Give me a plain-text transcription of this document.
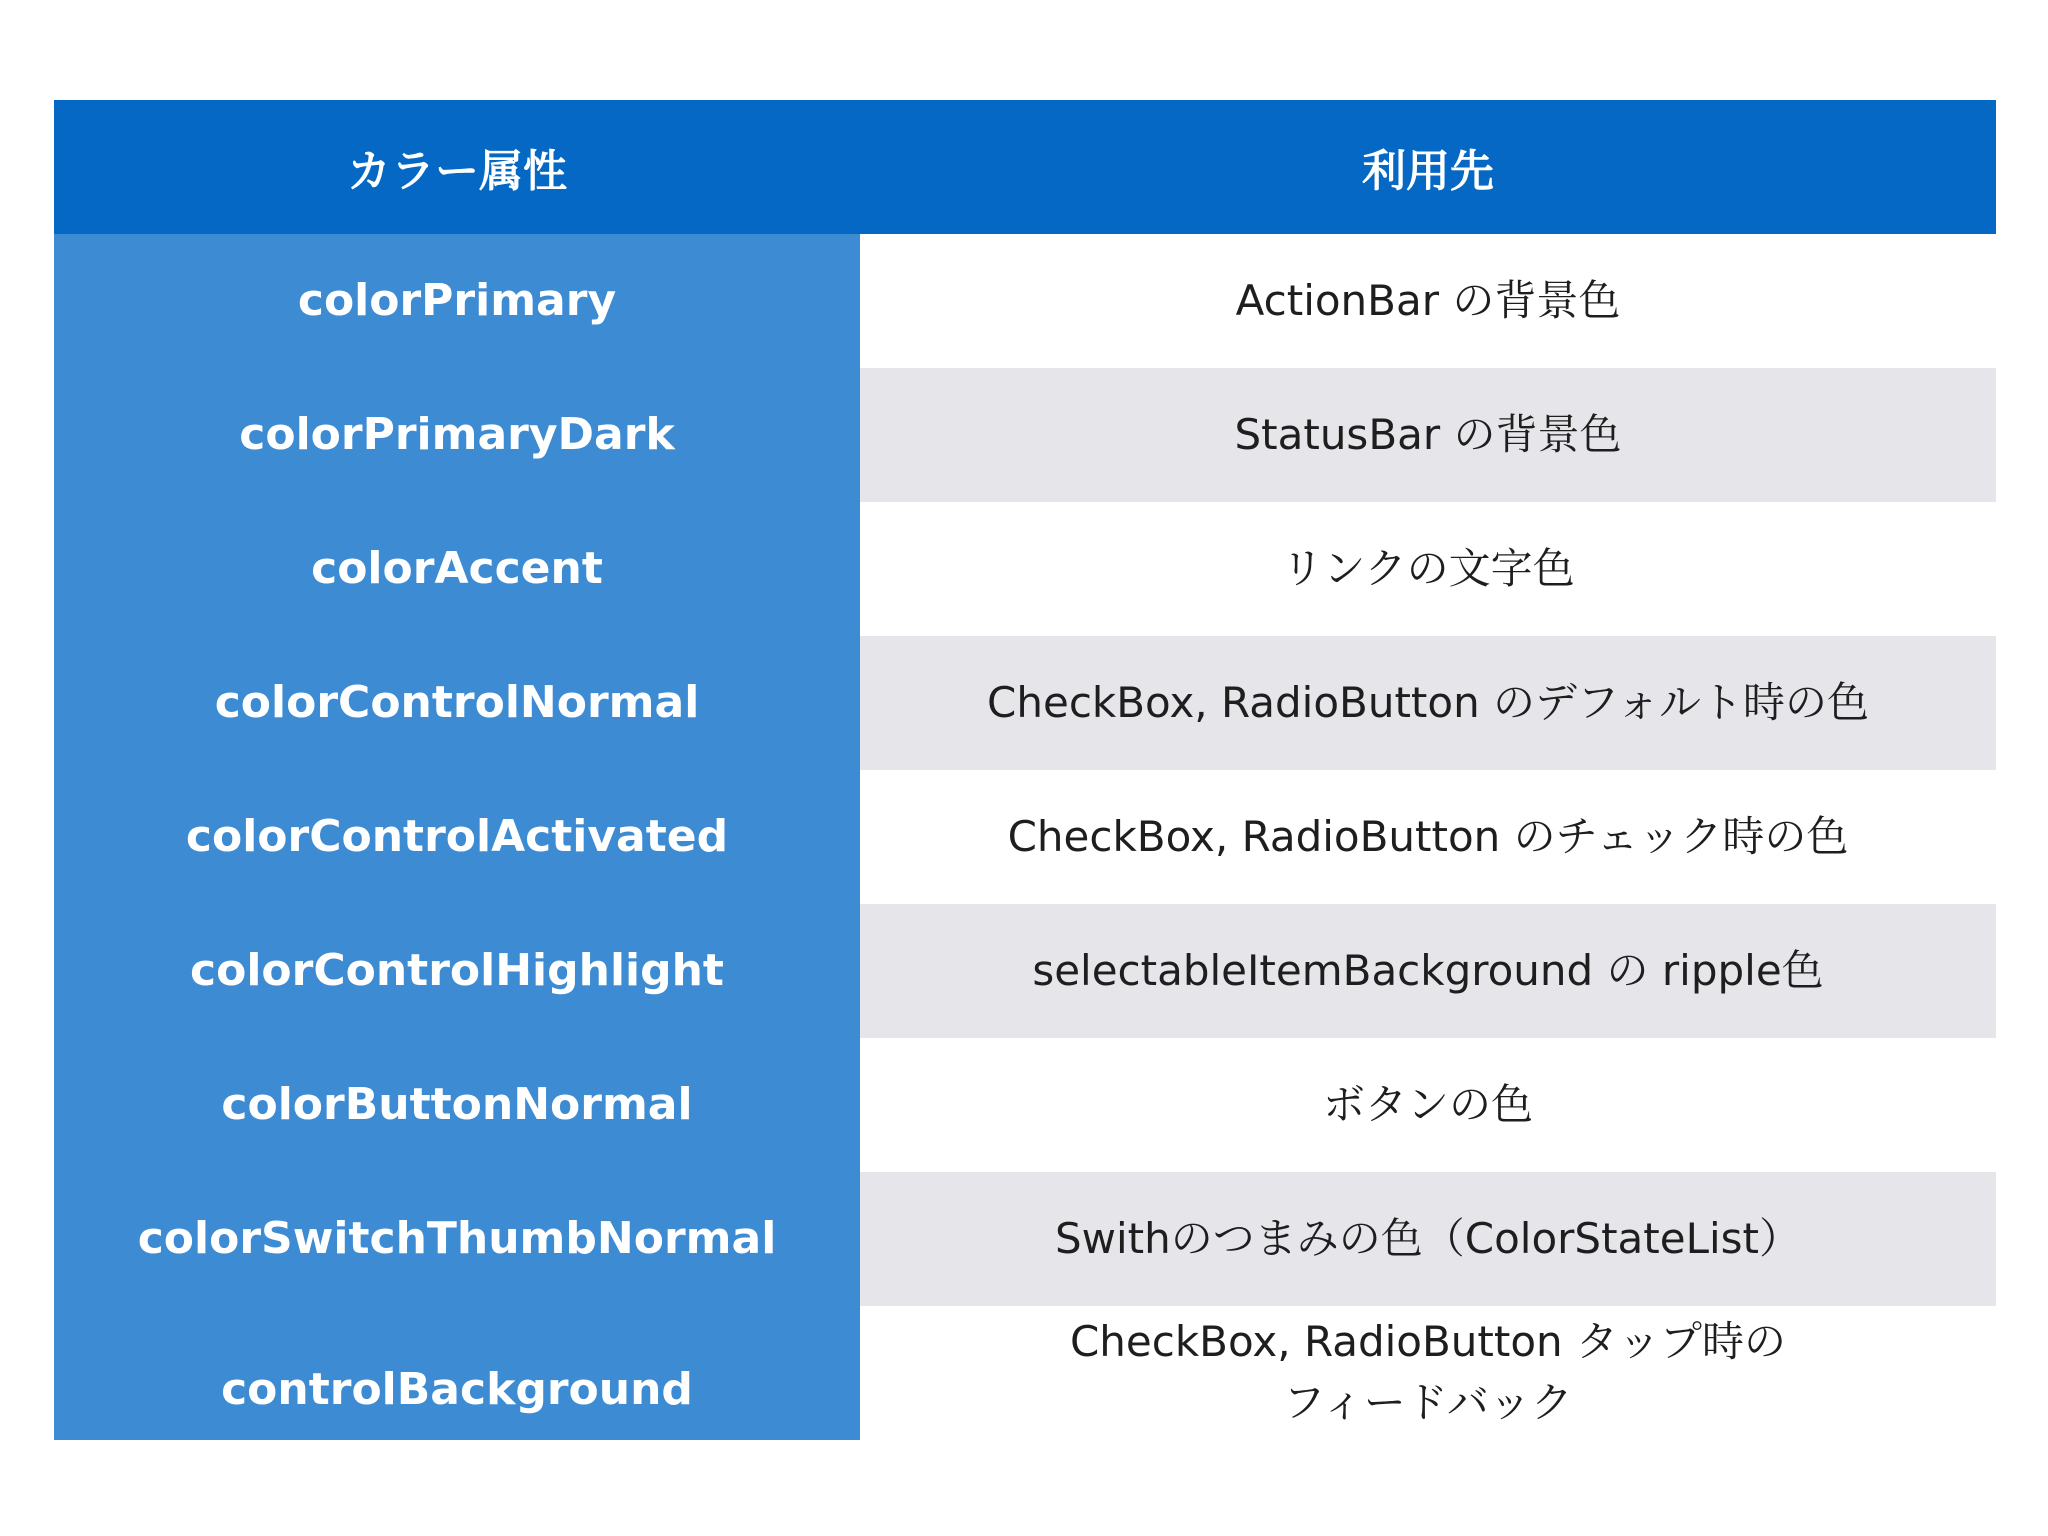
カラー属性	利用先
colorPrimary	ActionBar の背景色
colorPrimaryDark	StatusBar の背景色
colorAccent	リンクの文字色
colorControlNormal	CheckBox, RadioButton のデフォルト時の色
colorControlActivated	CheckBox, RadioButton のチェック時の色
colorControlHighlight	selectableItemBackground の ripple色
colorButtonNormal	ボタンの色
colorSwitchThumbNormal	Swithのつまみの色（ColorStateList）
controlBackground	CheckBox, RadioButton タップ時の
フィードバック
